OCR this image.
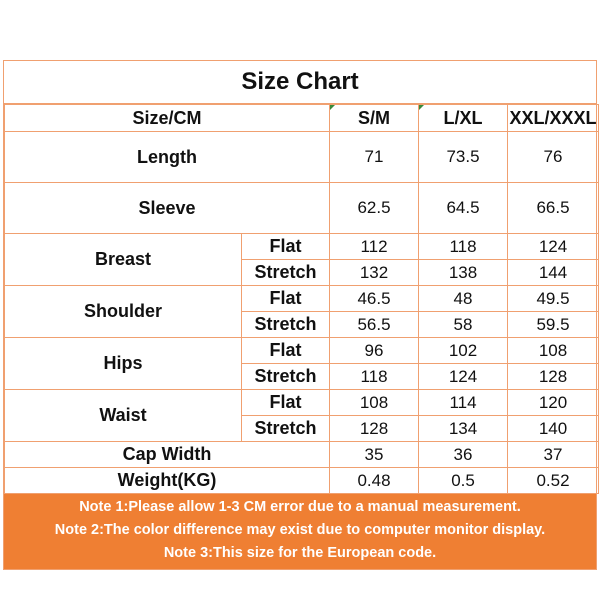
Size Chart
Size/CM		S/M	L/XL	XXL/XXXL
Length		71	73.5	76
Sleeve		62.5	64.5	66.5
Breast	Flat	112	118	124
	Stretch	132	138	144
Shoulder	Flat	46.5	48	49.5
	Stretch	56.5	58	59.5
Hips	Flat	96	102	108
	Stretch	118	124	128
Waist	Flat	108	114	120
	Stretch	128	134	140
Cap Width		35	36	37
Weight(KG)		0.48	0.5	0.52
Note 1:Please allow 1-3 CM error due to a manual measurement.
Note 2:The color difference may exist due to computer monitor display.
Note 3:This size for the European code.
